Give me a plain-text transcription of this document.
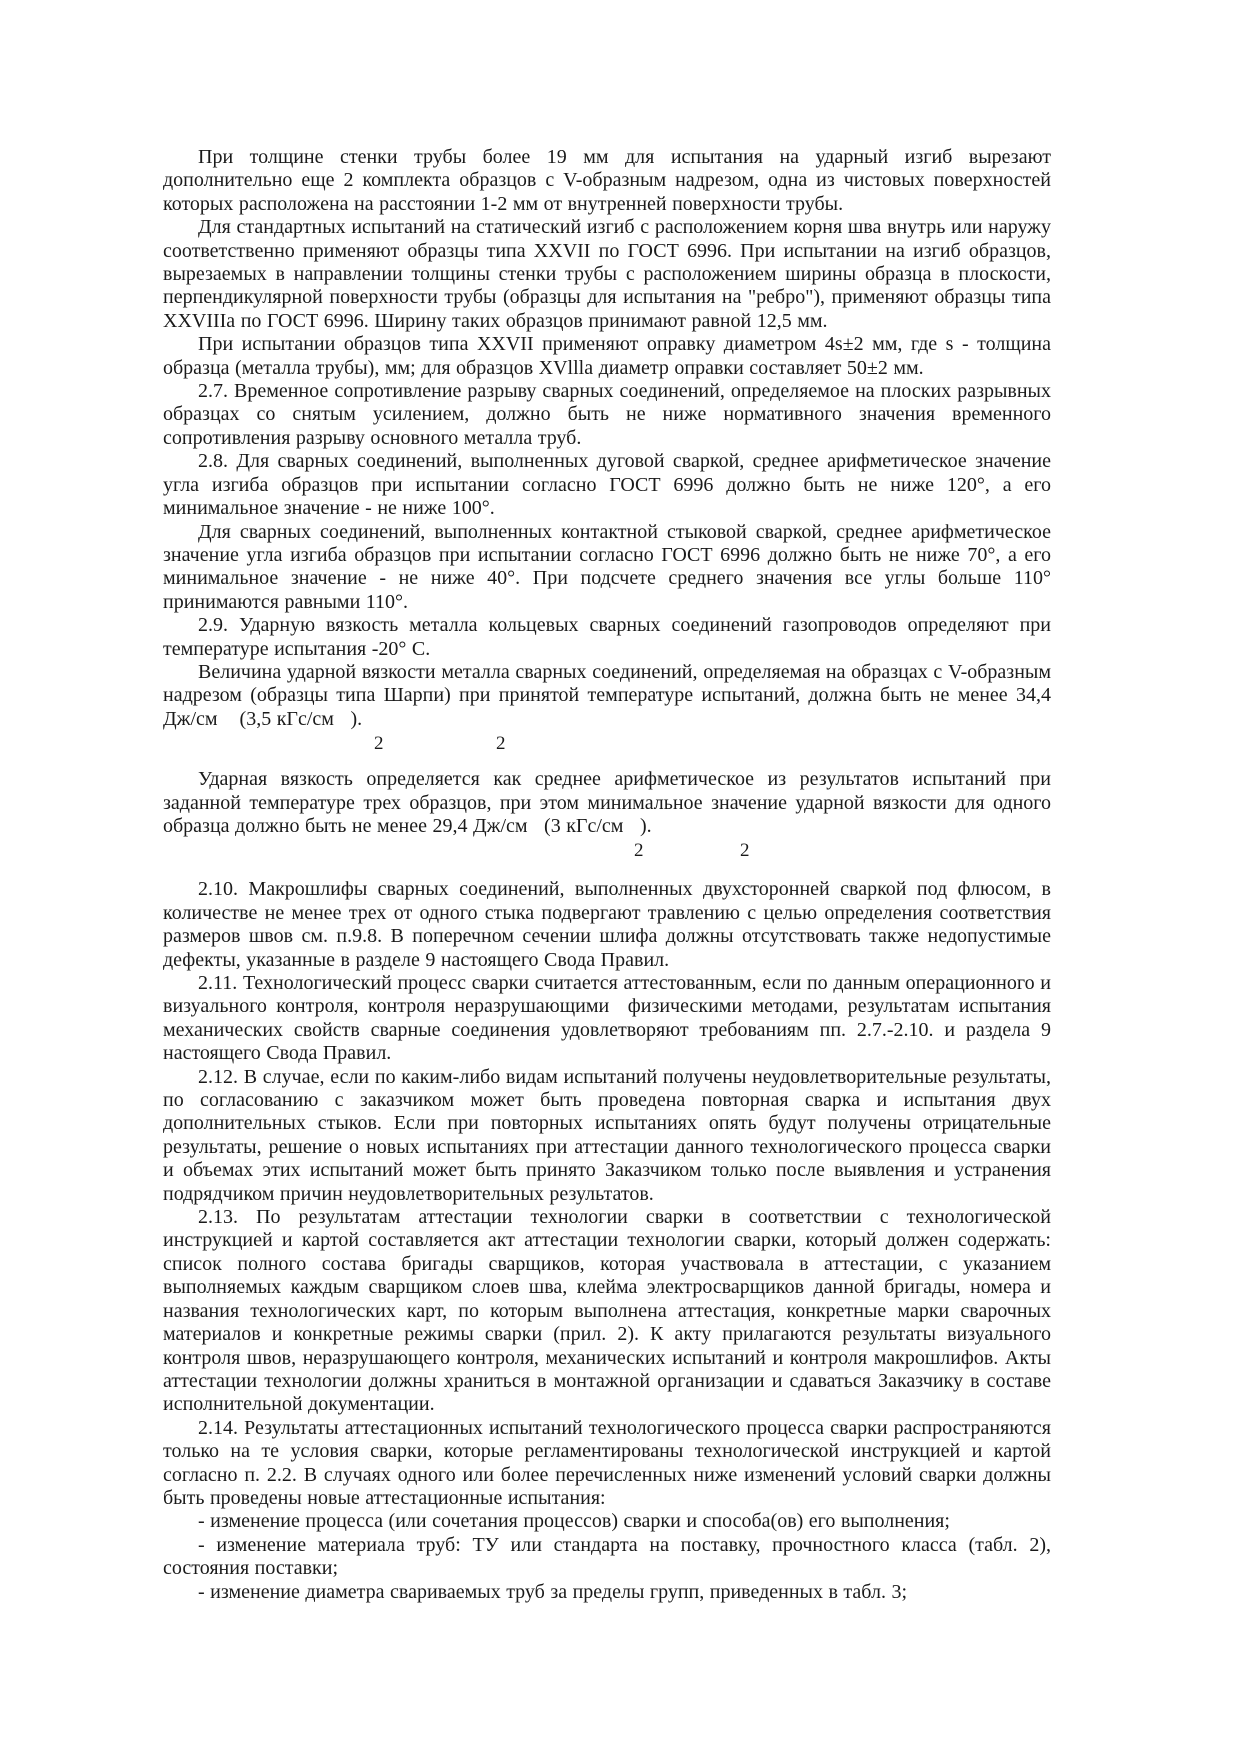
При толщине стенки трубы более 19 мм для испытания на ударный изгиб вырезают дополнительно еще 2 комплекта образцов с V-образным надрезом, одна из чистовых поверхностей которых расположена на расстоянии 1-2 мм от внутренней поверхности трубы.

Для стандартных испытаний на статический изгиб с расположением корня шва внутрь или наружу соответственно применяют образцы типа XXVII по ГОСТ 6996. При испытании на изгиб образцов, вырезаемых в направлении толщины стенки трубы с расположением ширины образца в плоскости, перпендикулярной поверхности трубы (образцы для испытания на "ребро"), применяют образцы типа XXVIIIа по ГОСТ 6996. Ширину таких образцов принимают равной 12,5 мм.

При испытании образцов типа XXVII применяют оправку диаметром 4s±2 мм, где s - толщина образца (металла трубы), мм; для образцов XVllla диаметр оправки составляет 50±2 мм.

2.7. Временное сопротивление разрыву сварных соединений, определяемое на плоских разрывных образцах со снятым усилением, должно быть не ниже нормативного значения временного сопротивления разрыву основного металла труб.

2.8. Для сварных соединений, выполненных дуговой сваркой, среднее арифметическое значение угла изгиба образцов при испытании согласно ГОСТ 6996 должно быть не ниже 120°, а его минимальное значение - не ниже 100°.

Для сварных соединений, выполненных контактной стыковой сваркой, среднее арифметическое значение угла изгиба образцов при испытании согласно ГОСТ 6996 должно быть не ниже 70°, а его минимальное значение - не ниже 40°. При подсчете среднего значения все углы больше 110° принимаются равными 110°.

2.9. Ударную вязкость металла кольцевых сварных соединений газопроводов определяют при температуре испытания -20° С.

Величина ударной вязкости металла сварных соединений, определяемая на образцах с V-образным надрезом (образцы типа Шарпи) при принятой температуре испытаний, должна быть не менее 34,4 Дж/см    (3,5 кГс/см   ).

2	2

Ударная вязкость определяется как среднее арифметическое из результатов испытаний при заданной температуре трех образцов, при этом минимальное значение ударной вязкости для одного образца должно быть не менее 29,4 Дж/см   (3 кГс/см   ).

2	2

2.10. Макрошлифы сварных соединений, выполненных двухсторонней сваркой под флюсом, в количестве не менее трех от одного стыка подвергают травлению с целью определения соответствия размеров швов см. п.9.8. В поперечном сечении шлифа должны отсутствовать также недопустимые дефекты, указанные в разделе 9 настоящего Свода Правил.

2.11. Технологический процесс сварки считается аттестованным, если по данным операционного и визуального контроля, контроля неразрушающими  физическими методами, результатам испытания механических свойств сварные соединения удовлетворяют требованиям пп. 2.7.-2.10. и раздела 9 настоящего Свода Правил.

2.12. В случае, если по каким-либо видам испытаний получены неудовлетворительные результаты, по согласованию с заказчиком может быть проведена повторная сварка и испытания двух дополнительных стыков. Если при повторных испытаниях опять будут получены отрицательные результаты, решение о новых испытаниях при аттестации данного технологического процесса сварки и объемах этих испытаний может быть принято Заказчиком только после выявления и устранения подрядчиком причин неудовлетворительных результатов.

2.13. По результатам аттестации технологии сварки в соответствии с технологической инструкцией и картой составляется акт аттестации технологии сварки, который должен содержать: список полного состава бригады сварщиков, которая участвовала в аттестации, с указанием выполняемых каждым сварщиком слоев шва, клейма электросварщиков данной бригады, номера и названия технологических карт, по которым выполнена аттестация, конкретные марки сварочных материалов и конкретные режимы сварки (прил. 2). К акту прилагаются результаты визуального контроля швов, неразрушающего контроля, механических испытаний и контроля макрошлифов. Акты аттестации технологии должны храниться в монтажной организации и сдаваться Заказчику в составе исполнительной документации.

2.14. Результаты аттестационных испытаний технологического процесса сварки распространяются только на те условия сварки, которые регламентированы технологической инструкцией и картой согласно п. 2.2. В случаях одного или более перечисленных ниже изменений условий сварки должны быть проведены новые аттестационные испытания:

- изменение процесса (или сочетания процессов) сварки и способа(ов) его выполнения;

- изменение материала труб: ТУ или стандарта на поставку, прочностного класса (табл. 2), состояния поставки;

- изменение диаметра свариваемых труб за пределы групп, приведенных в табл. 3;
